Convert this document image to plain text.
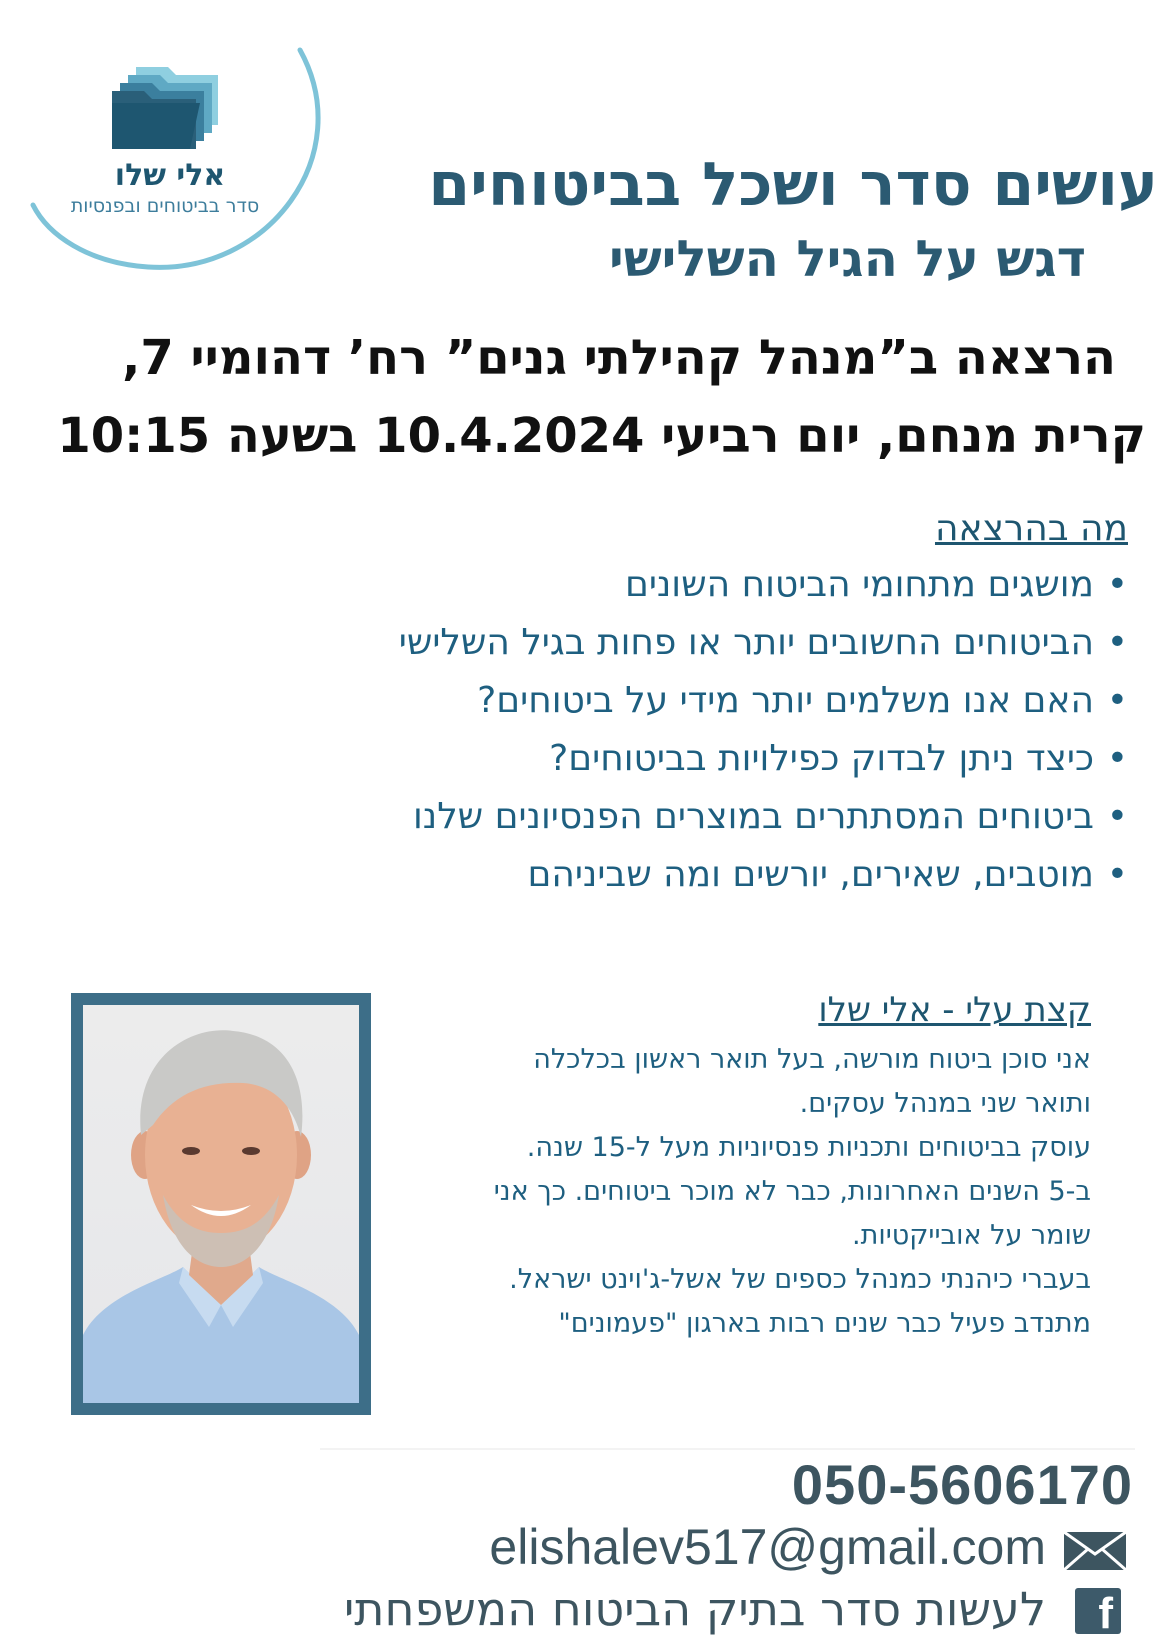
אלי שלו
סדר בביטוחים ובפנסיות	עושים סדר ושכל בביטוחים
דגש על הגיל השלישי
הרצאה ב”מנהל קהילתי גנים” רח’ דהומיי 7,
קרית מנחם, יום רביעי 10.4.2024 בשעה 10:15
מה בהרצאה
•מושגים מתחומי הביטוח השונים
•הביטוחים החשובים יותר או פחות בגיל השלישי
•האם אנו משלמים יותר מידי על ביטוחים?
•כיצד ניתן לבדוק כפילויות בביטוחים?
•ביטוחים המסתתרים במוצרים הפנסיונים שלנו
•מוטבים, שאירים, יורשים ומה שביניהם
קצת עלי - אלי שלו
אני סוכן ביטוח מורשה, בעל תואר ראשון בכלכלה
ותואר שני במנהל עסקים.
עוסק בביטוחים ותכניות פנסיוניות מעל ל-15 שנה.
ב-5 השנים האחרונות, כבר לא מוכר ביטוחים. כך אני
שומר על אובייקטיות.
בעברי כיהנתי כמנהל כספים של אשל-ג'וינט ישראל.
מתנדב פעיל כבר שנים רבות בארגון "פעמונים"
050-5606170
elishalev517@gmail.com
לעשות סדר בתיק הביטוח המשפחתי f
